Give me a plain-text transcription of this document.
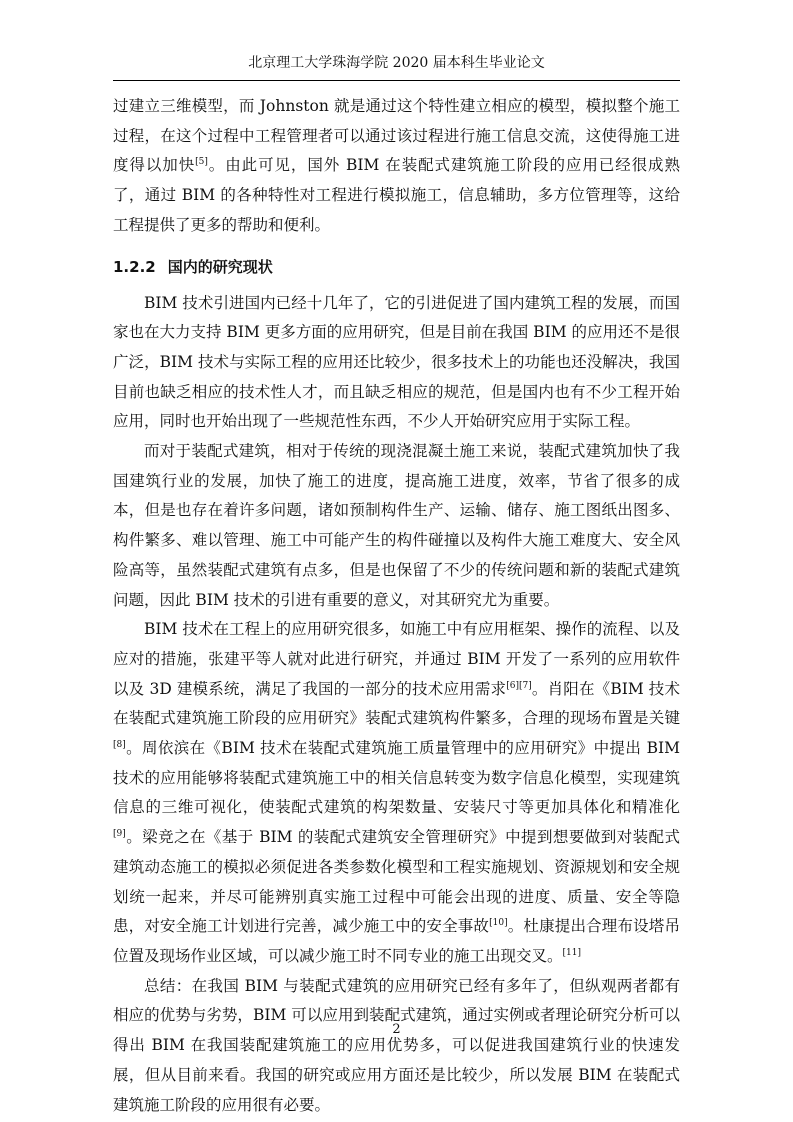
北京理工大学珠海学院 2020 届本科生毕业论文

过建立三维模型，而 Johnston 就是通过这个特性建立相应的模型，模拟整个施工过程，在这个过程中工程管理者可以通过该过程进行施工信息交流，这使得施工进度得以加快[5]。由此可见，国外 BIM 在装配式建筑施工阶段的应用已经很成熟了，通过 BIM 的各种特性对工程进行模拟施工，信息辅助，多方位管理等，这给工程提供了更多的帮助和便利。

1.2.2 国内的研究现状

BIM 技术引进国内已经十几年了，它的引进促进了国内建筑工程的发展，而国家也在大力支持 BIM 更多方面的应用研究，但是目前在我国 BIM 的应用还不是很广泛，BIM 技术与实际工程的应用还比较少，很多技术上的功能也还没解决，我国目前也缺乏相应的技术性人才，而且缺乏相应的规范，但是国内也有不少工程开始应用，同时也开始出现了一些规范性东西，不少人开始研究应用于实际工程。

而对于装配式建筑，相对于传统的现浇混凝土施工来说，装配式建筑加快了我国建筑行业的发展，加快了施工的进度，提高施工进度，效率，节省了很多的成本，但是也存在着许多问题，诸如预制构件生产、运输、储存、施工图纸出图多、构件繁多、难以管理、施工中可能产生的构件碰撞以及构件大施工难度大、安全风险高等，虽然装配式建筑有点多，但是也保留了不少的传统问题和新的装配式建筑问题，因此 BIM 技术的引进有重要的意义，对其研究尤为重要。

BIM 技术在工程上的应用研究很多，如施工中有应用框架、操作的流程、以及应对的措施，张建平等人就对此进行研究，并通过 BIM 开发了一系列的应用软件以及 3D 建模系统，满足了我国的一部分的技术应用需求[6][7]。肖阳在《BIM 技术在装配式建筑施工阶段的应用研究》装配式建筑构件繁多，合理的现场布置是关键[8]。周依滨在《BIM 技术在装配式建筑施工质量管理中的应用研究》中提出 BIM 技术的应用能够将装配式建筑施工中的相关信息转变为数字信息化模型，实现建筑信息的三维可视化，使装配式建筑的构架数量、安装尺寸等更加具体化和精准化[9]。梁竞之在《基于 BIM 的装配式建筑安全管理研究》中提到想要做到对装配式建筑动态施工的模拟必须促进各类参数化模型和工程实施规划、资源规划和安全规划统一起来，并尽可能辨别真实施工过程中可能会出现的进度、质量、安全等隐患，对安全施工计划进行完善，减少施工中的安全事故[10]。杜康提出合理布设塔吊位置及现场作业区域，可以减少施工时不同专业的施工出现交叉。[11]

总结：在我国 BIM 与装配式建筑的应用研究已经有多年了，但纵观两者都有相应的优势与劣势，BIM 可以应用到装配式建筑，通过实例或者理论研究分析可以得出 BIM 在我国装配建筑施工的应用优势多，可以促进我国建筑行业的快速发展，但从目前来看。我国的研究或应用方面还是比较少，所以发展 BIM 在装配式建筑施工阶段的应用很有必要。

2
